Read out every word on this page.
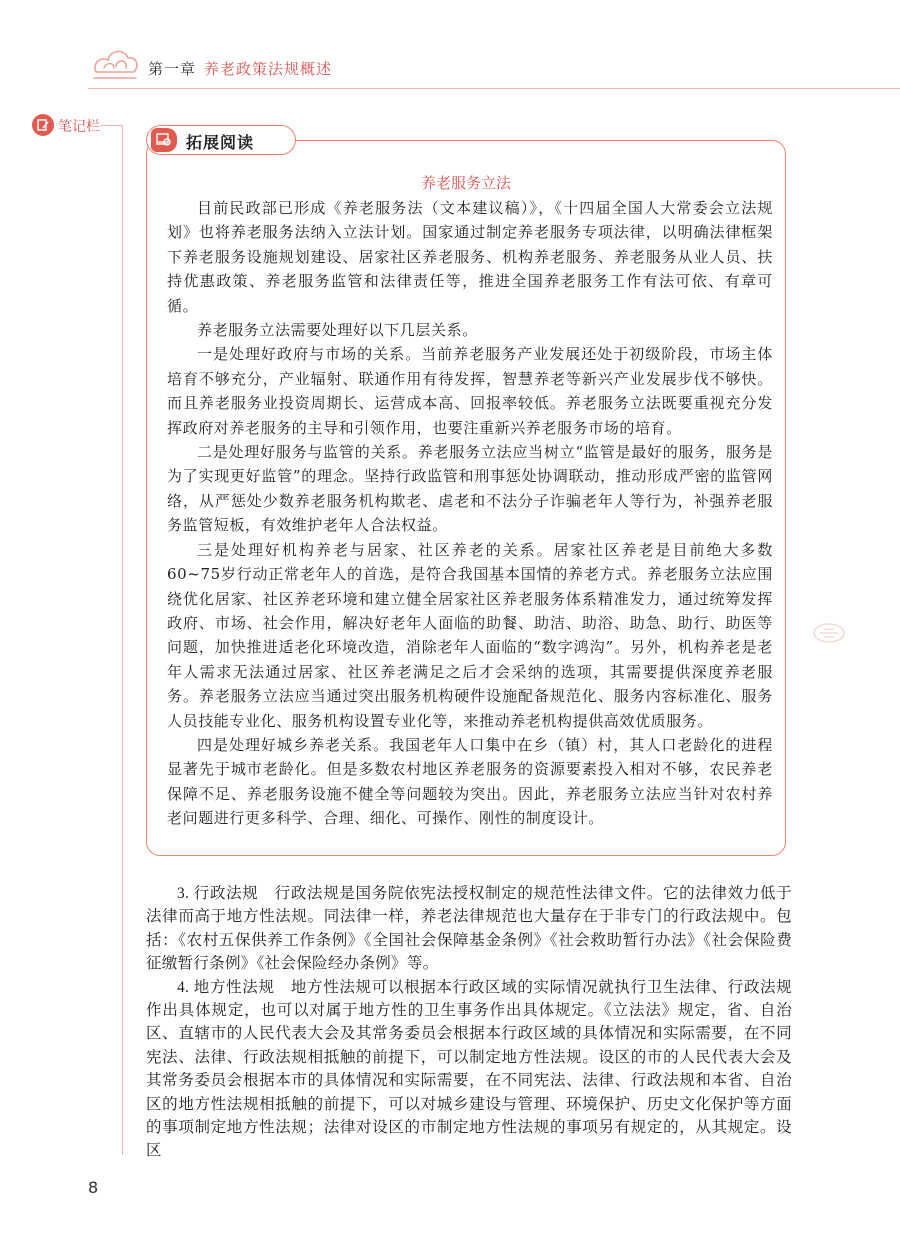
第一章 养老政策法规概述
笔记栏
拓展阅读
养老服务立法

目前民政部已形成《养老服务法（文本建议稿）》，《十四届全国人大常委会立法规划》也将养老服务法纳入立法计划。国家通过制定养老服务专项法律，以明确法律框架下养老服务设施规划建设、居家社区养老服务、机构养老服务、养老服务从业人员、扶持优惠政策、养老服务监管和法律责任等，推进全国养老服务工作有法可依、有章可循。

养老服务立法需要处理好以下几层关系。

一是处理好政府与市场的关系。当前养老服务产业发展还处于初级阶段，市场主体培育不够充分，产业辐射、联通作用有待发挥，智慧养老等新兴产业发展步伐不够快。而且养老服务业投资周期长、运营成本高、回报率较低。养老服务立法既要重视充分发挥政府对养老服务的主导和引领作用，也要注重新兴养老服务市场的培育。

二是处理好服务与监管的关系。养老服务立法应当树立“监管是最好的服务，服务是为了实现更好监管”的理念。坚持行政监管和刑事惩处协调联动，推动形成严密的监管网络，从严惩处少数养老服务机构欺老、虐老和不法分子诈骗老年人等行为，补强养老服务监管短板，有效维护老年人合法权益。

三是处理好机构养老与居家、社区养老的关系。居家社区养老是目前绝大多数60~75岁行动正常老年人的首选，是符合我国基本国情的养老方式。养老服务立法应围绕优化居家、社区养老环境和建立健全居家社区养老服务体系精准发力，通过统筹发挥政府、市场、社会作用，解决好老年人面临的助餐、助洁、助浴、助急、助行、助医等问题，加快推进适老化环境改造，消除老年人面临的“数字鸿沟”。另外，机构养老是老年人需求无法通过居家、社区养老满足之后才会采纳的选项，其需要提供深度养老服务。养老服务立法应当通过突出服务机构硬件设施配备规范化、服务内容标准化、服务人员技能专业化、服务机构设置专业化等，来推动养老机构提供高效优质服务。

四是处理好城乡养老关系。我国老年人口集中在乡（镇）村，其人口老龄化的进程显著先于城市老龄化。但是多数农村地区养老服务的资源要素投入相对不够，农民养老保障不足、养老服务设施不健全等问题较为突出。因此，养老服务立法应当针对农村养老问题进行更多科学、合理、细化、可操作、刚性的制度设计。

3. 行政法规　行政法规是国务院依宪法授权制定的规范性法律文件。它的法律效力低于法律而高于地方性法规。同法律一样，养老法律规范也大量存在于非专门的行政法规中。包括：《农村五保供养工作条例》《全国社会保障基金条例》《社会救助暂行办法》《社会保险费征缴暂行条例》《社会保险经办条例》等。

4. 地方性法规　地方性法规可以根据本行政区域的实际情况就执行卫生法律、行政法规作出具体规定，也可以对属于地方性的卫生事务作出具体规定。《立法法》规定，省、自治区、直辖市的人民代表大会及其常务委员会根据本行政区域的具体情况和实际需要，在不同宪法、法律、行政法规相抵触的前提下，可以制定地方性法规。设区的市的人民代表大会及其常务委员会根据本市的具体情况和实际需要，在不同宪法、法律、行政法规和本省、自治区的地方性法规相抵触的前提下，可以对城乡建设与管理、环境保护、历史文化保护等方面的事项制定地方性法规；法律对设区的市制定地方性法规的事项另有规定的，从其规定。设区

8
